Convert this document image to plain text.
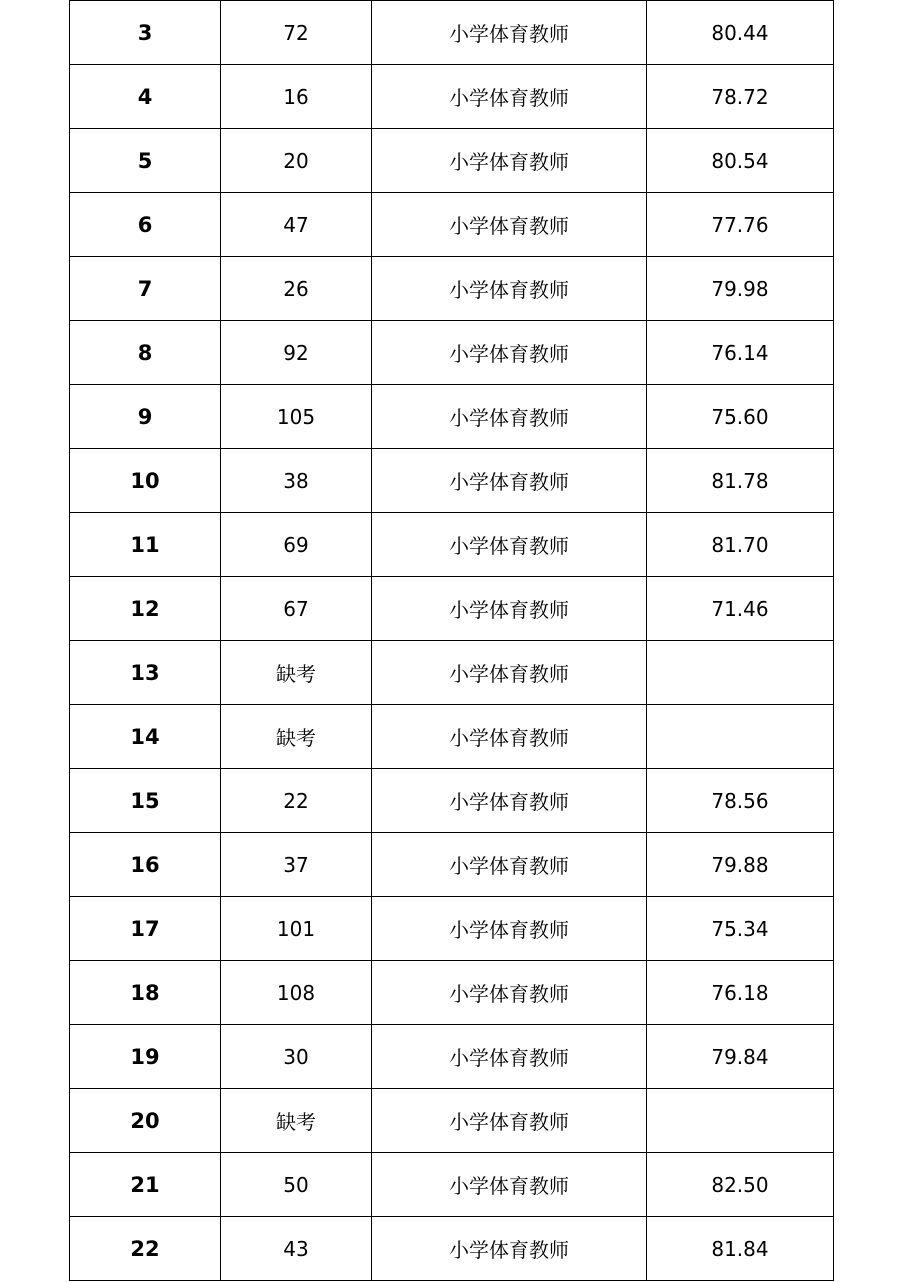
3	72	小学体育教师	80.44
4	16	小学体育教师	78.72
5	20	小学体育教师	80.54
6	47	小学体育教师	77.76
7	26	小学体育教师	79.98
8	92	小学体育教师	76.14
9	105	小学体育教师	75.60
10	38	小学体育教师	81.78
11	69	小学体育教师	81.70
12	67	小学体育教师	71.46
13	缺考	小学体育教师	
14	缺考	小学体育教师	
15	22	小学体育教师	78.56
16	37	小学体育教师	79.88
17	101	小学体育教师	75.34
18	108	小学体育教师	76.18
19	30	小学体育教师	79.84
20	缺考	小学体育教师	
21	50	小学体育教师	82.50
22	43	小学体育教师	81.84
